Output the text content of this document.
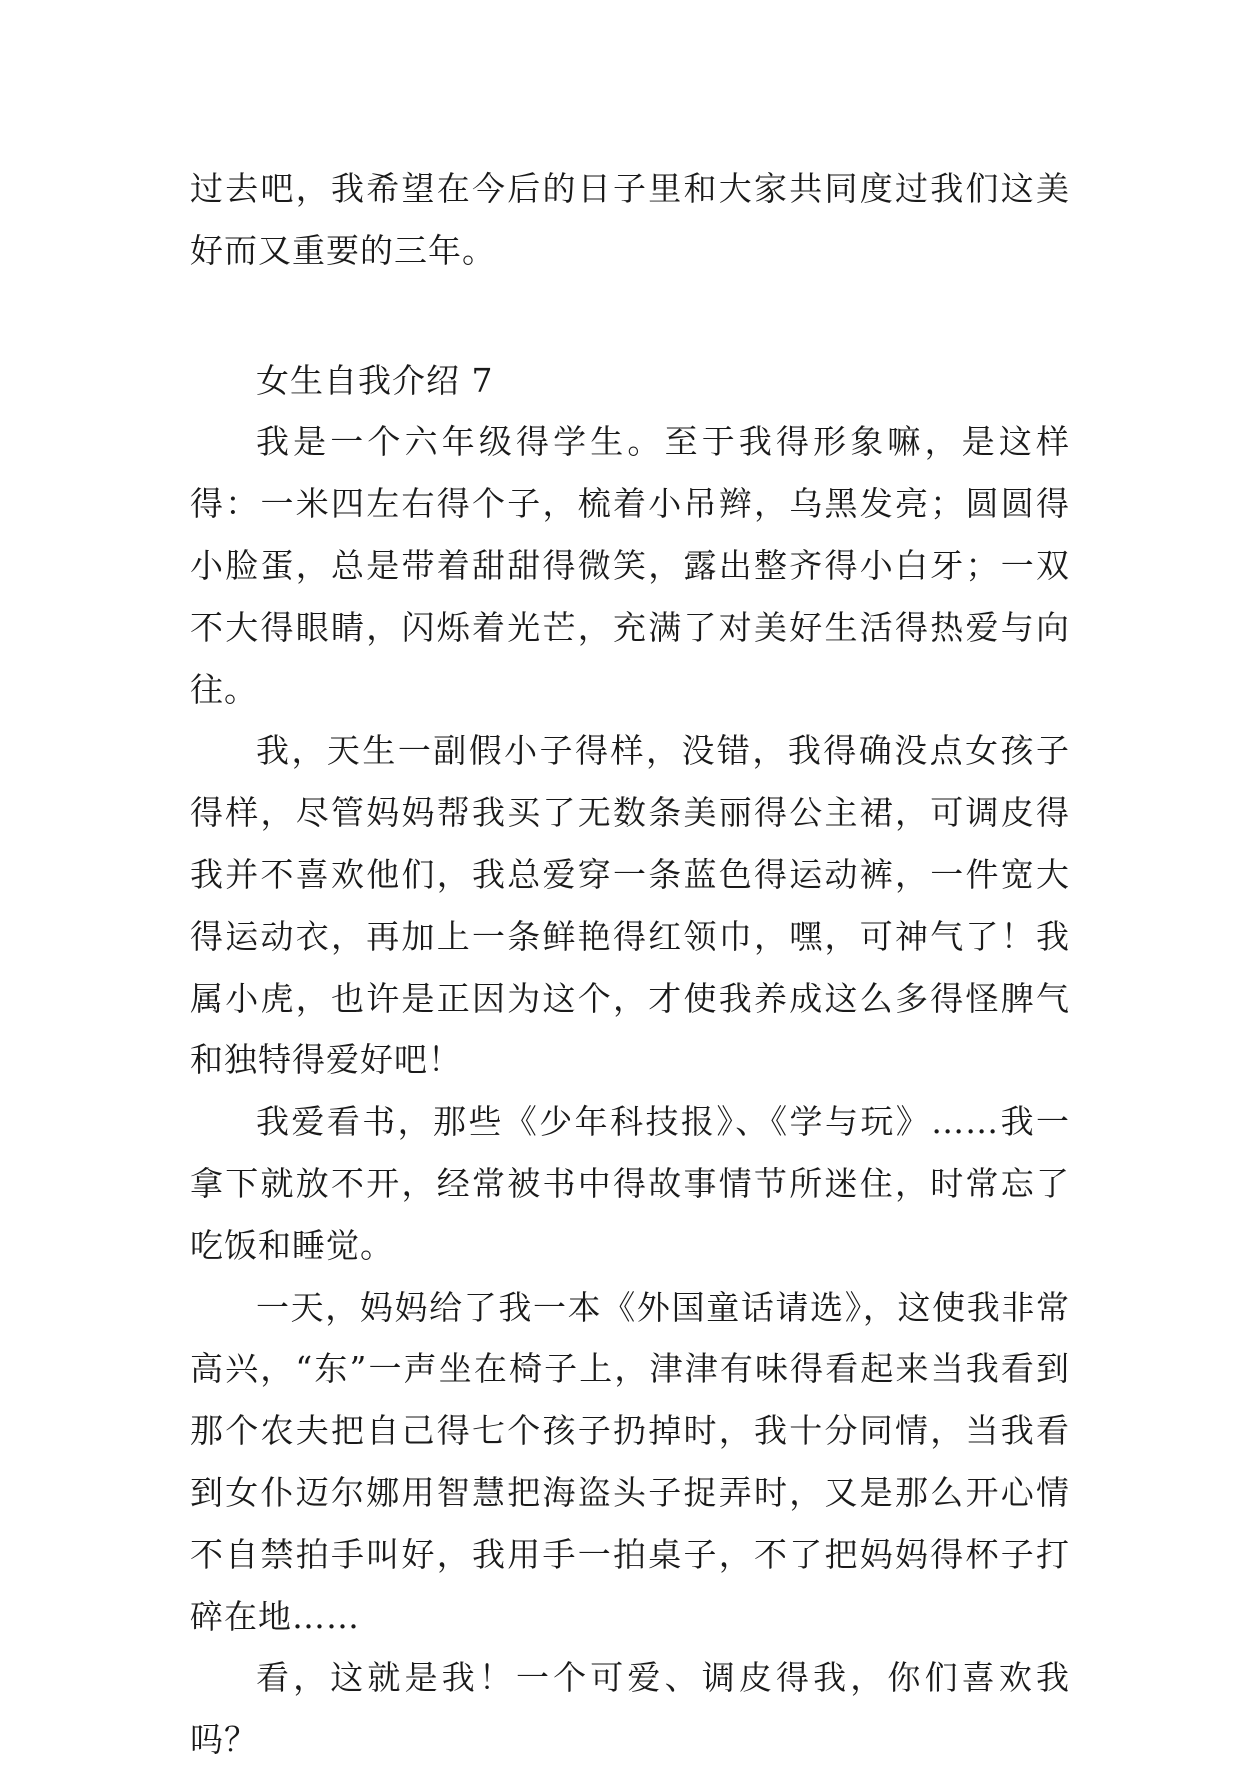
过去吧，我希望在今后的日子里和大家共同度过我们这美好而又重要的三年。

女生自我介绍 7

我是一个六年级得学生。至于我得形象嘛，是这样得：一米四左右得个子，梳着小吊辫，乌黑发亮；圆圆得小脸蛋，总是带着甜甜得微笑，露出整齐得小白牙；一双不大得眼睛，闪烁着光芒，充满了对美好生活得热爱与向往。

我，天生一副假小子得样，没错，我得确没点女孩子得样，尽管妈妈帮我买了无数条美丽得公主裙，可调皮得我并不喜欢他们，我总爱穿一条蓝色得运动裤，一件宽大得运动衣，再加上一条鲜艳得红领巾，嘿，可神气了！我属小虎，也许是正因为这个，才使我养成这么多得怪脾气和独特得爱好吧！

我爱看书，那些《少年科技报》、《学与玩》……我一拿下就放不开，经常被书中得故事情节所迷住，时常忘了吃饭和睡觉。

一天，妈妈给了我一本《外国童话请选》，这使我非常高兴，“东”一声坐在椅子上，津津有味得看起来当我看到那个农夫把自己得七个孩子扔掉时，我十分同情，当我看到女仆迈尔娜用智慧把海盗头子捉弄时，又是那么开心情不自禁拍手叫好，我用手一拍桌子，不了把妈妈得杯子打碎在地……

看，这就是我！一个可爱、调皮得我，你们喜欢我吗？
